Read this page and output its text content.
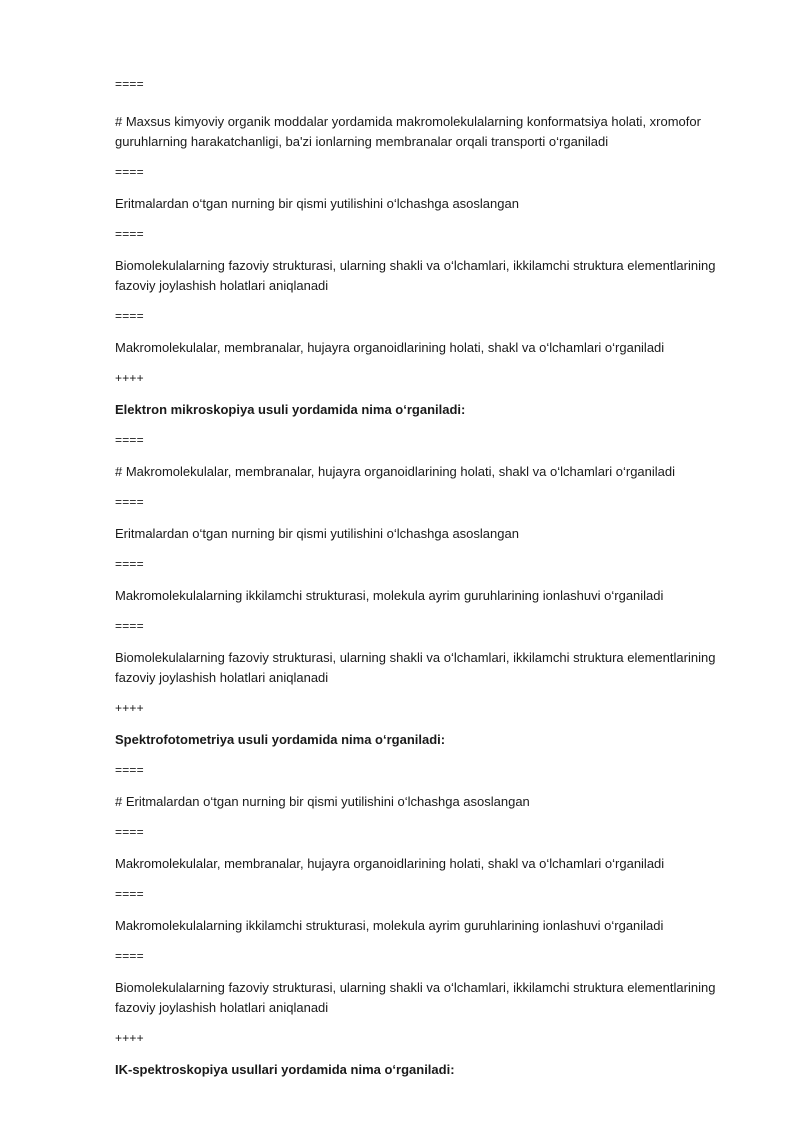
====

# Maxsus kimyoviy organik moddalar yordamida makromolekulalarning konformatsiya holati, xromofor guruhlarning harakatchanligi, ba'zi ionlarning membranalar orqali transporti o‘rganiladi

====

Eritmalardan o‘tgan nurning bir qismi yutilishini o‘lchashga asoslangan

====

Biomolekulalarning fazoviy strukturasi, ularning shakli va o‘lchamlari, ikkilamchi struktura elementlarining fazoviy joylashish holatlari aniqlanadi

====

Makromolekulalar, membranalar, hujayra organoidlarining holati, shakl va o‘lchamlari o‘rganiladi

++++

Elektron mikroskopiya usuli yordamida nima o‘rganiladi:

====

# Makromolekulalar, membranalar, hujayra organoidlarining holati, shakl va o‘lchamlari o‘rganiladi

====

Eritmalardan o‘tgan nurning bir qismi yutilishini o‘lchashga asoslangan

====

Makromolekulalarning ikkilamchi strukturasi, molekula ayrim guruhlarining ionlashuvi o‘rganiladi

====

Biomolekulalarning fazoviy strukturasi, ularning shakli va o‘lchamlari, ikkilamchi struktura elementlarining fazoviy joylashish holatlari aniqlanadi

++++

Spektrofotometriya usuli yordamida nima o‘rganiladi:

====

# Eritmalardan o‘tgan nurning bir qismi yutilishini o‘lchashga asoslangan

====

Makromolekulalar, membranalar, hujayra organoidlarining holati, shakl va o‘lchamlari o‘rganiladi

====

Makromolekulalarning ikkilamchi strukturasi, molekula ayrim guruhlarining ionlashuvi o‘rganiladi

====

Biomolekulalarning fazoviy strukturasi, ularning shakli va o‘lchamlari, ikkilamchi struktura elementlarining fazoviy joylashish holatlari aniqlanadi

++++

IK-spektroskopiya usullari yordamida nima o‘rganiladi:
